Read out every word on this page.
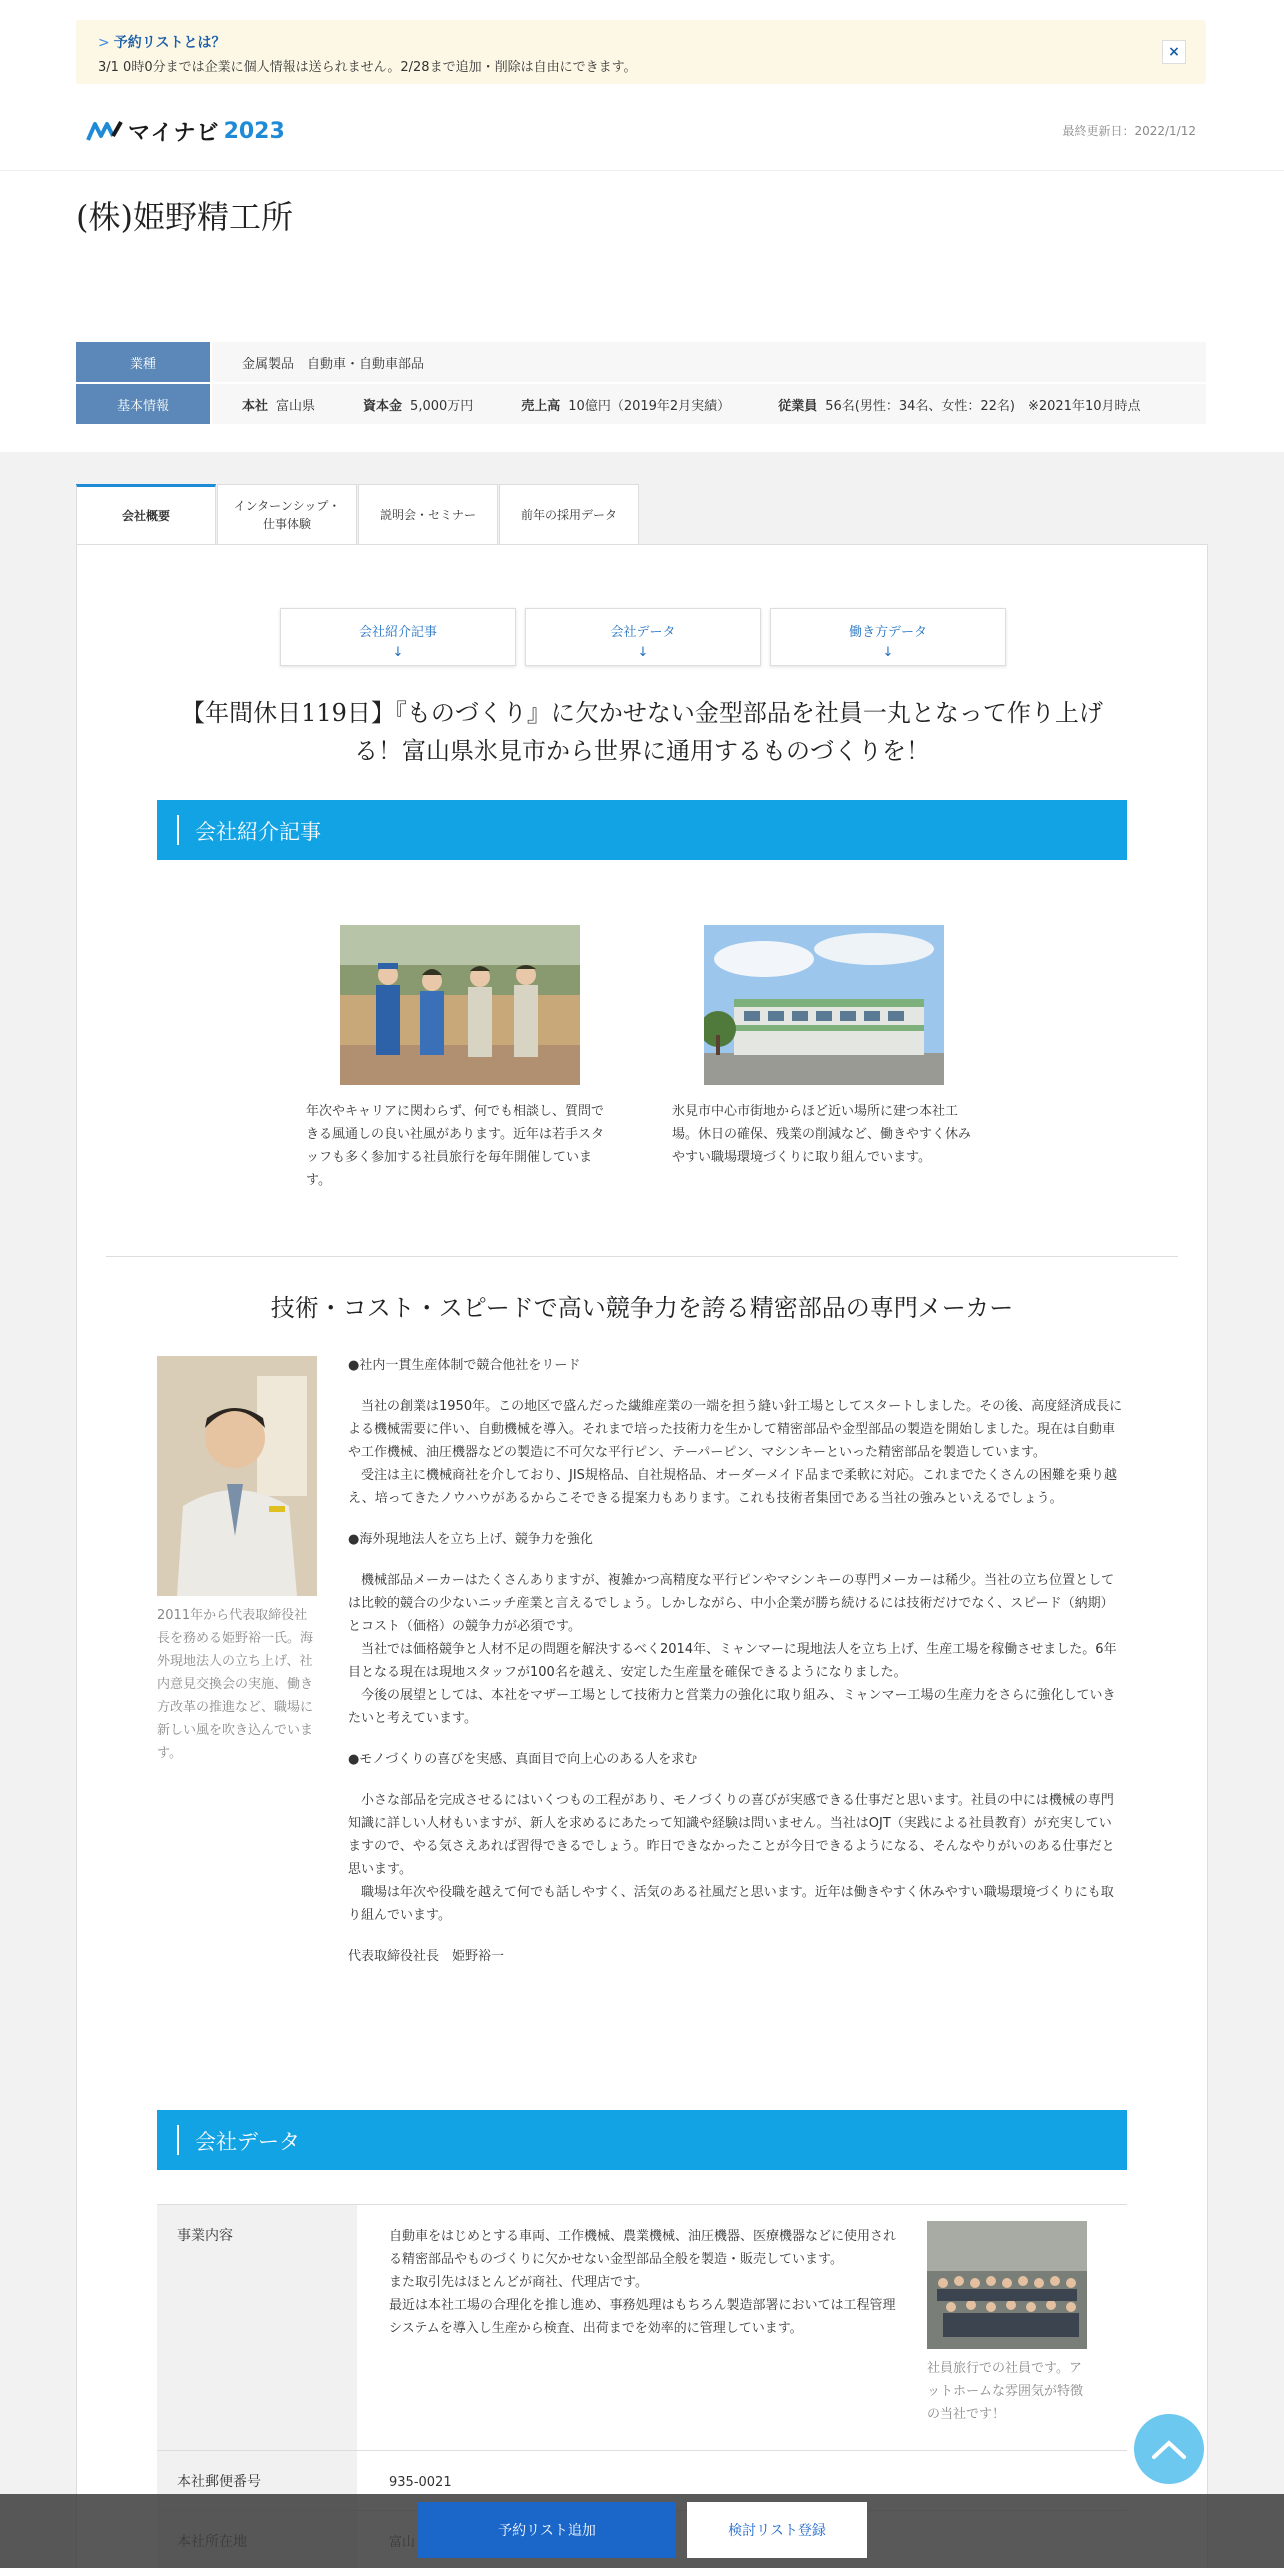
> 予約リストとは？
3/1 0時0分までは企業に個人情報は送られません。2/28まで追加・削除は自由にできます。
×
マイナビ 2023	最終更新日：2022/1/12
(株)姫野精工所
業種	金属製品　自動車・自動車部品
基本情報	本社 富山県	資本金 5,000万円	売上高 10億円（2019年2月実績）	従業員 56名(男性：34名、女性：22名)　※2021年10月時点
会社概要
インターンシップ・
仕事体験
説明会・セミナー	前年の採用データ
会社紹介記事
↓
会社データ
↓
働き方データ
↓
【年間休日119日】『ものづくり』に欠かせない金型部品を社員一丸となって作り上げる！富山県氷見市から世界に通用するものづくりを！
会社紹介記事
年次やキャリアに関わらず、何でも相談し、質問できる風通しの良い社風があります。近年は若手スタッフも多く参加する社員旅行を毎年開催しています。
氷見市中心市街地からほど近い場所に建つ本社工場。休日の確保、残業の削減など、働きやすく休みやすい職場環境づくりに取り組んでいます。
技術・コスト・スピードで高い競争力を誇る精密部品の専門メーカー
2011年から代表取締役社長を務める姫野裕一氏。海外現地法人の立ち上げ、社内意見交換会の実施、働き方改革の推進など、職場に新しい風を吹き込んでいます。

●社内一貫生産体制で競合他社をリード

　当社の創業は1950年。この地区で盛んだった繊維産業の一端を担う縫い針工場としてスタートしました。その後、高度経済成長による機械需要に伴い、自動機械を導入。それまで培った技術力を生かして精密部品や金型部品の製造を開始しました。現在は自動車や工作機械、油圧機器などの製造に不可欠な平行ピン、テーパーピン、マシンキーといった精密部品を製造しています。

　受注は主に機械商社を介しており、JIS規格品、自社規格品、オーダーメイド品まで柔軟に対応。これまでたくさんの困難を乗り越え、培ってきたノウハウがあるからこそできる提案力もあります。これも技術者集団である当社の強みといえるでしょう。

●海外現地法人を立ち上げ、競争力を強化

　機械部品メーカーはたくさんありますが、複雑かつ高精度な平行ピンやマシンキーの専門メーカーは稀少。当社の立ち位置としては比較的競合の少ないニッチ産業と言えるでしょう。しかしながら、中小企業が勝ち続けるには技術だけでなく、スピード（納期）とコスト（価格）の競争力が必須です。

　当社では価格競争と人材不足の問題を解決するべく2014年、ミャンマーに現地法人を立ち上げ、生産工場を稼働させました。6年目となる現在は現地スタッフが100名を越え、安定した生産量を確保できるようになりました。

　今後の展望としては、本社をマザー工場として技術力と営業力の強化に取り組み、ミャンマー工場の生産力をさらに強化していきたいと考えています。

●モノづくりの喜びを実感、真面目で向上心のある人を求む

　小さな部品を完成させるにはいくつもの工程があり、モノづくりの喜びが実感できる仕事だと思います。社員の中には機械の専門知識に詳しい人材もいますが、新人を求めるにあたって知識や経験は問いません。当社はOJT（実践による社員教育）が充実していますので、やる気さえあれば習得できるでしょう。昨日できなかったことが今日できるようになる、そんなやりがいのある仕事だと思います。

　職場は年次や役職を越えて何でも話しやすく、活気のある社風だと思います。近年は働きやすく休みやすい職場環境づくりにも取り組んでいます。

代表取締役社長　姫野裕一

会社データ
事業内容	自動車をはじめとする車両、工作機械、農業機械、油圧機器、医療機器などに使用される精密部品やものづくりに欠かせない金型部品全般を製造・販売しています。

また取引先はほとんどが商社、代理店です。

最近は本社工場の合理化を推し進め、事務処理はもちろん製造部署においては工程管理システムを導入し生産から検査、出荷までを効率的に管理しています。

社員旅行での社員です。アットホームな雰囲気が特徴の当社です！
本社郵便番号	935-0021
予約リスト追加	検討リスト登録
